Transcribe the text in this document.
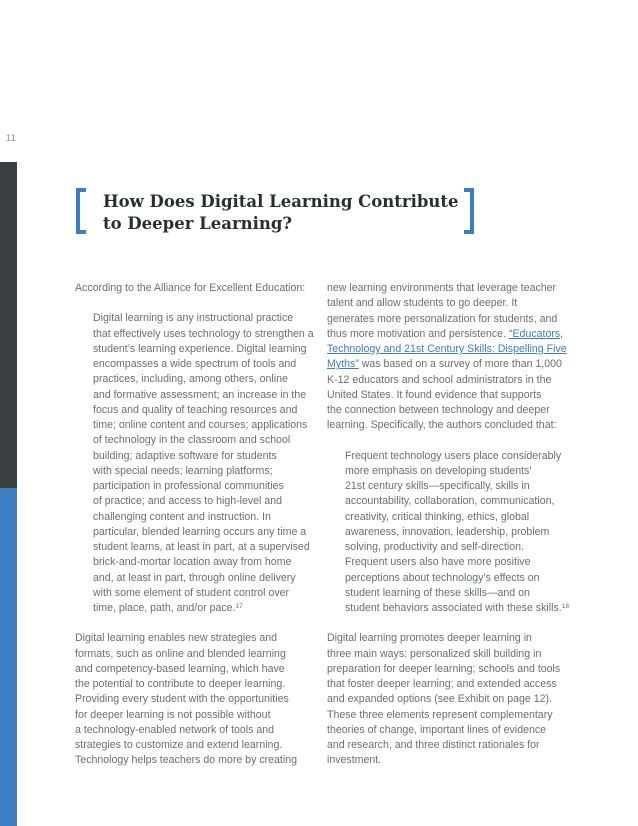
11
How Does Digital Learning Contribute
to Deeper Learning?

According to the Alliance for Excellent Education:

Digital learning is any instructional practice
that effectively uses technology to strengthen a
student’s learning experience. Digital learning
encompasses a wide spectrum of tools and
practices, including, among others, online
and formative assessment; an increase in the
focus and quality of teaching resources and
time; online content and courses; applications
of technology in the classroom and school
building; adaptive software for students
with special needs; learning platforms;
participation in professional communities
of practice; and access to high-level and
challenging content and instruction. In
particular, blended learning occurs any time a
student learns, at least in part, at a supervised
brick-and-mortar location away from home
and, at least in part, through online delivery
with some element of student control over
time, place, path, and/or pace.$^{17}$

Digital learning enables new strategies and
formats, such as online and blended learning
and competency-based learning, which have
the potential to contribute to deeper learning.
Providing every student with the opportunities
for deeper learning is not possible without
a technology-enabled network of tools and
strategies to customize and extend learning.
Technology helps teachers do more by creating

new learning environments that leverage teacher
talent and allow students to go deeper. It
generates more personalization for students, and
thus more motivation and persistence. “Educators,
Technology and 21st Century Skills: Dispelling Five
Myths” was based on a survey of more than 1,000
K-12 educators and school administrators in the
United States. It found evidence that supports
the connection between technology and deeper
learning. Specifically, the authors concluded that:

Frequent technology users place considerably
more emphasis on developing students’
21st century skills—specifically, skills in
accountability, collaboration, communication,
creativity, critical thinking, ethics, global
awareness, innovation, leadership, problem
solving, productivity and self-direction.
Frequent users also have more positive
perceptions about technology’s effects on
student learning of these skills—and on
student behaviors associated with these skills.$^{18}$

Digital learning promotes deeper learning in
three main ways: personalized skill building in
preparation for deeper learning; schools and tools
that foster deeper learning; and extended access
and expanded options (see Exhibit on page 12).
These three elements represent complementary
theories of change, important lines of evidence
and research, and three distinct rationales for
investment.
